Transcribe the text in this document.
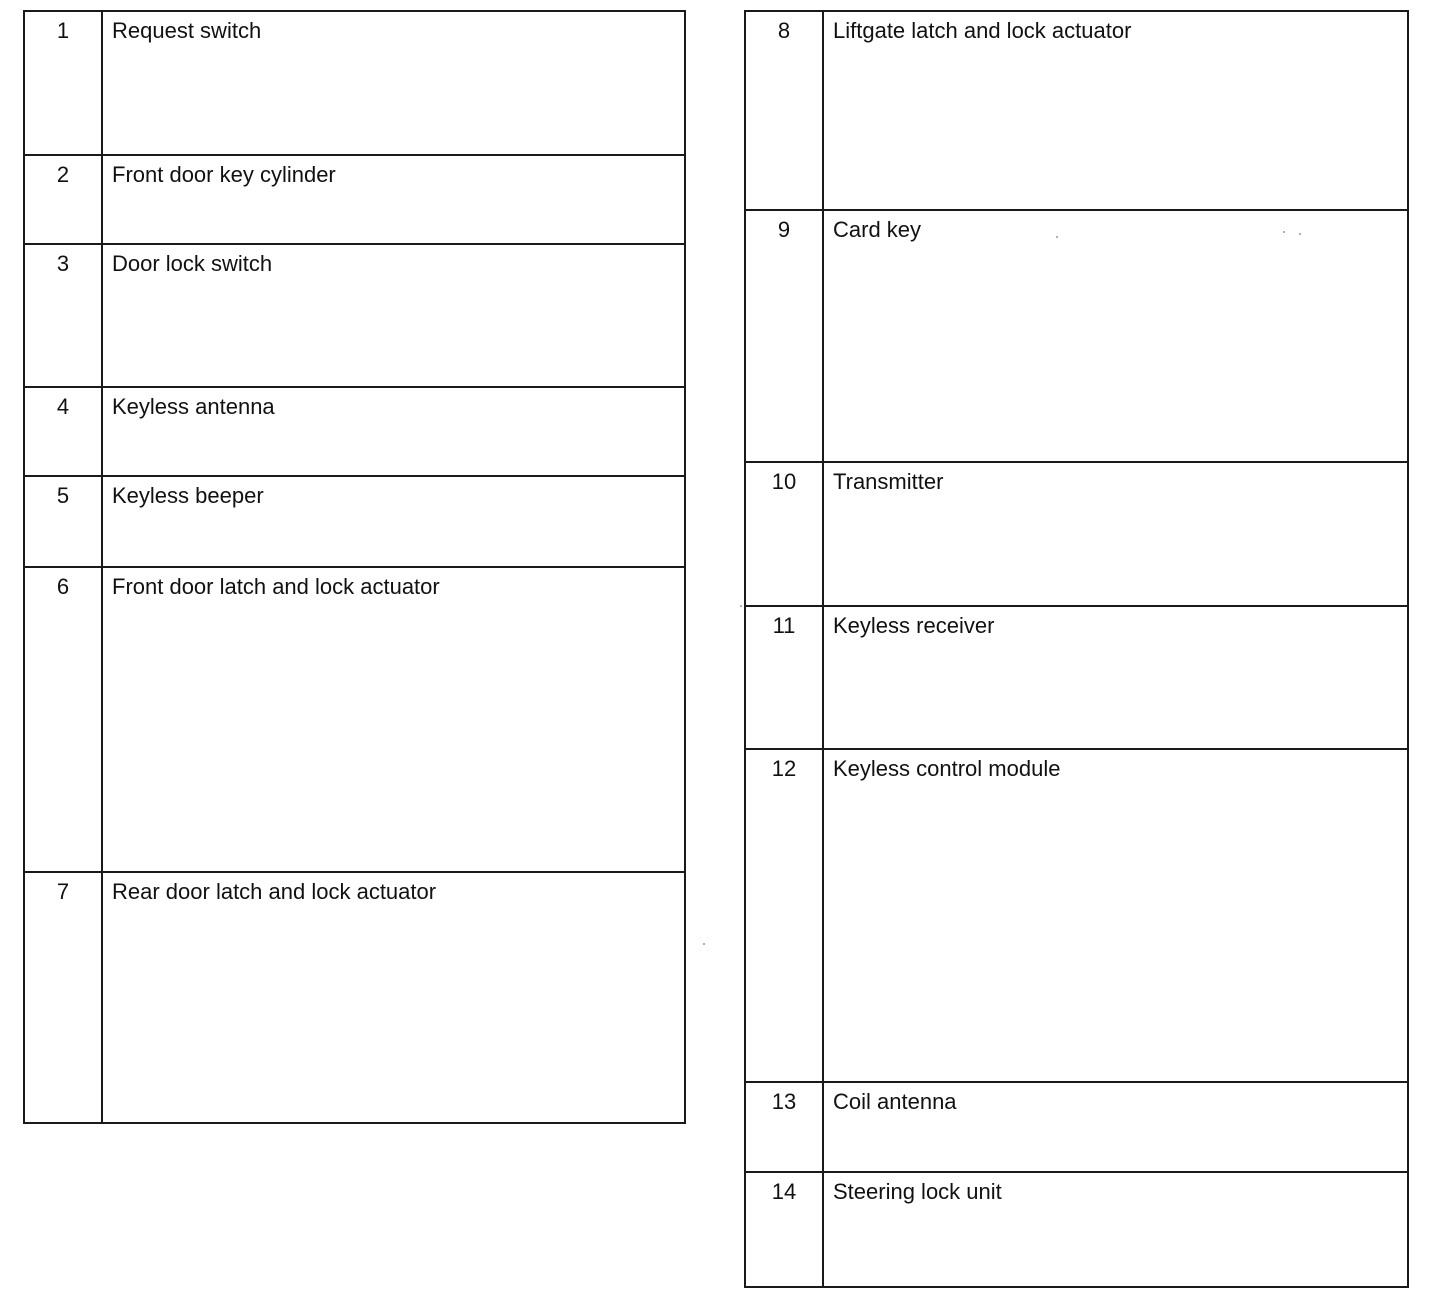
1	Request switch
2	Front door key cylinder
3	Door lock switch
4	Keyless antenna
5	Keyless beeper
6	Front door latch and lock actuator
7	Rear door latch and lock actuator
8	Liftgate latch and lock actuator
9	Card key
10	Transmitter
11	Keyless receiver
12	Keyless control module
13	Coil antenna
14	Steering lock unit
